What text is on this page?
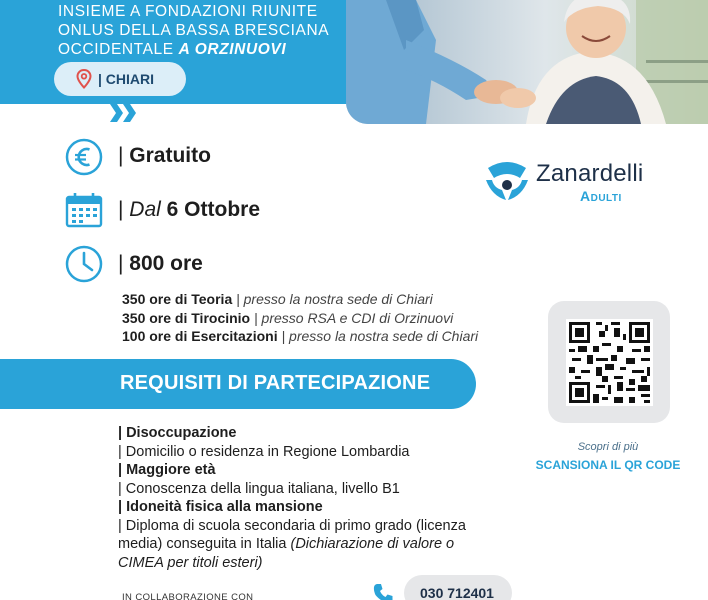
INSIEME A FONDAZIONI RIUNITE
ONLUS DELLA BASSA BRESCIANA
OCCIDENTALE A ORZINUOVI
| CHIARI
| Gratuito
| Dal 6 Ottobre
| 800 ore
350 ore di Teoria | presso la nostra sede di Chiari
350 ore di Tirocinio | presso RSA e CDI di Orzinuovi
100 ore di Esercitazioni | presso la nostra sede di Chiari
Zanardelli
Adulti
Scopri di più
SCANSIONA IL QR CODE
REQUISITI DI PARTECIPAZIONE
| Disoccupazione
| Domicilio o residenza in Regione Lombardia
| Maggiore età
| Conoscenza della lingua italiana, livello B1
| Idoneità fisica alla mansione
| Diploma di scuola secondaria di primo grado (licenza media) conseguita in Italia (Dichiarazione di valore o CIMEA per titoli esteri)
IN COLLABORAZIONE CON	030 712401
